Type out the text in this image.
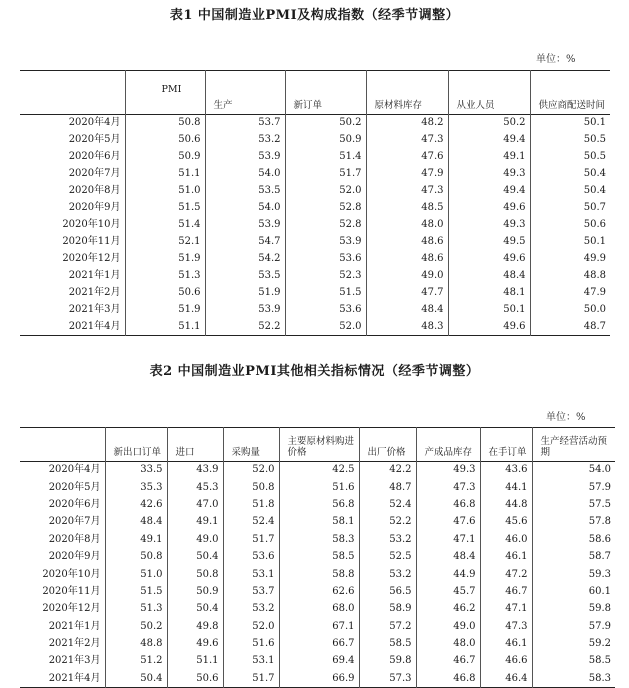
表1 中国制造业PMI及构成指数（经季节调整）
单位：%
	PMI					
		生产	新订单	原材料库存	从业人员	供应商配送时间
2020年4月	50.8	53.7	50.2	48.2	50.2	50.1
2020年5月	50.6	53.2	50.9	47.3	49.4	50.5
2020年6月	50.9	53.9	51.4	47.6	49.1	50.5
2020年7月	51.1	54.0	51.7	47.9	49.3	50.4
2020年8月	51.0	53.5	52.0	47.3	49.4	50.4
2020年9月	51.5	54.0	52.8	48.5	49.6	50.7
2020年10月	51.4	53.9	52.8	48.0	49.3	50.6
2020年11月	52.1	54.7	53.9	48.6	49.5	50.1
2020年12月	51.9	54.2	53.6	48.6	49.6	49.9
2021年1月	51.3	53.5	52.3	49.0	48.4	48.8
2021年2月	50.6	51.9	51.5	47.7	48.1	47.9
2021年3月	51.9	53.9	53.6	48.4	50.1	50.0
2021年4月	51.1	52.2	52.0	48.3	49.6	48.7
表2 中国制造业PMI其他相关指标情况（经季节调整）
单位：%
	新出口订单	进口	采购量	主要原材料购进价格	出厂价格	产成品库存	在手订单	生产经营活动预期
2020年4月	33.5	43.9	52.0	42.5	42.2	49.3	43.6	54.0
2020年5月	35.3	45.3	50.8	51.6	48.7	47.3	44.1	57.9
2020年6月	42.6	47.0	51.8	56.8	52.4	46.8	44.8	57.5
2020年7月	48.4	49.1	52.4	58.1	52.2	47.6	45.6	57.8
2020年8月	49.1	49.0	51.7	58.3	53.2	47.1	46.0	58.6
2020年9月	50.8	50.4	53.6	58.5	52.5	48.4	46.1	58.7
2020年10月	51.0	50.8	53.1	58.8	53.2	44.9	47.2	59.3
2020年11月	51.5	50.9	53.7	62.6	56.5	45.7	46.7	60.1
2020年12月	51.3	50.4	53.2	68.0	58.9	46.2	47.1	59.8
2021年1月	50.2	49.8	52.0	67.1	57.2	49.0	47.3	57.9
2021年2月	48.8	49.6	51.6	66.7	58.5	48.0	46.1	59.2
2021年3月	51.2	51.1	53.1	69.4	59.8	46.7	46.6	58.5
2021年4月	50.4	50.6	51.7	66.9	57.3	46.8	46.4	58.3
